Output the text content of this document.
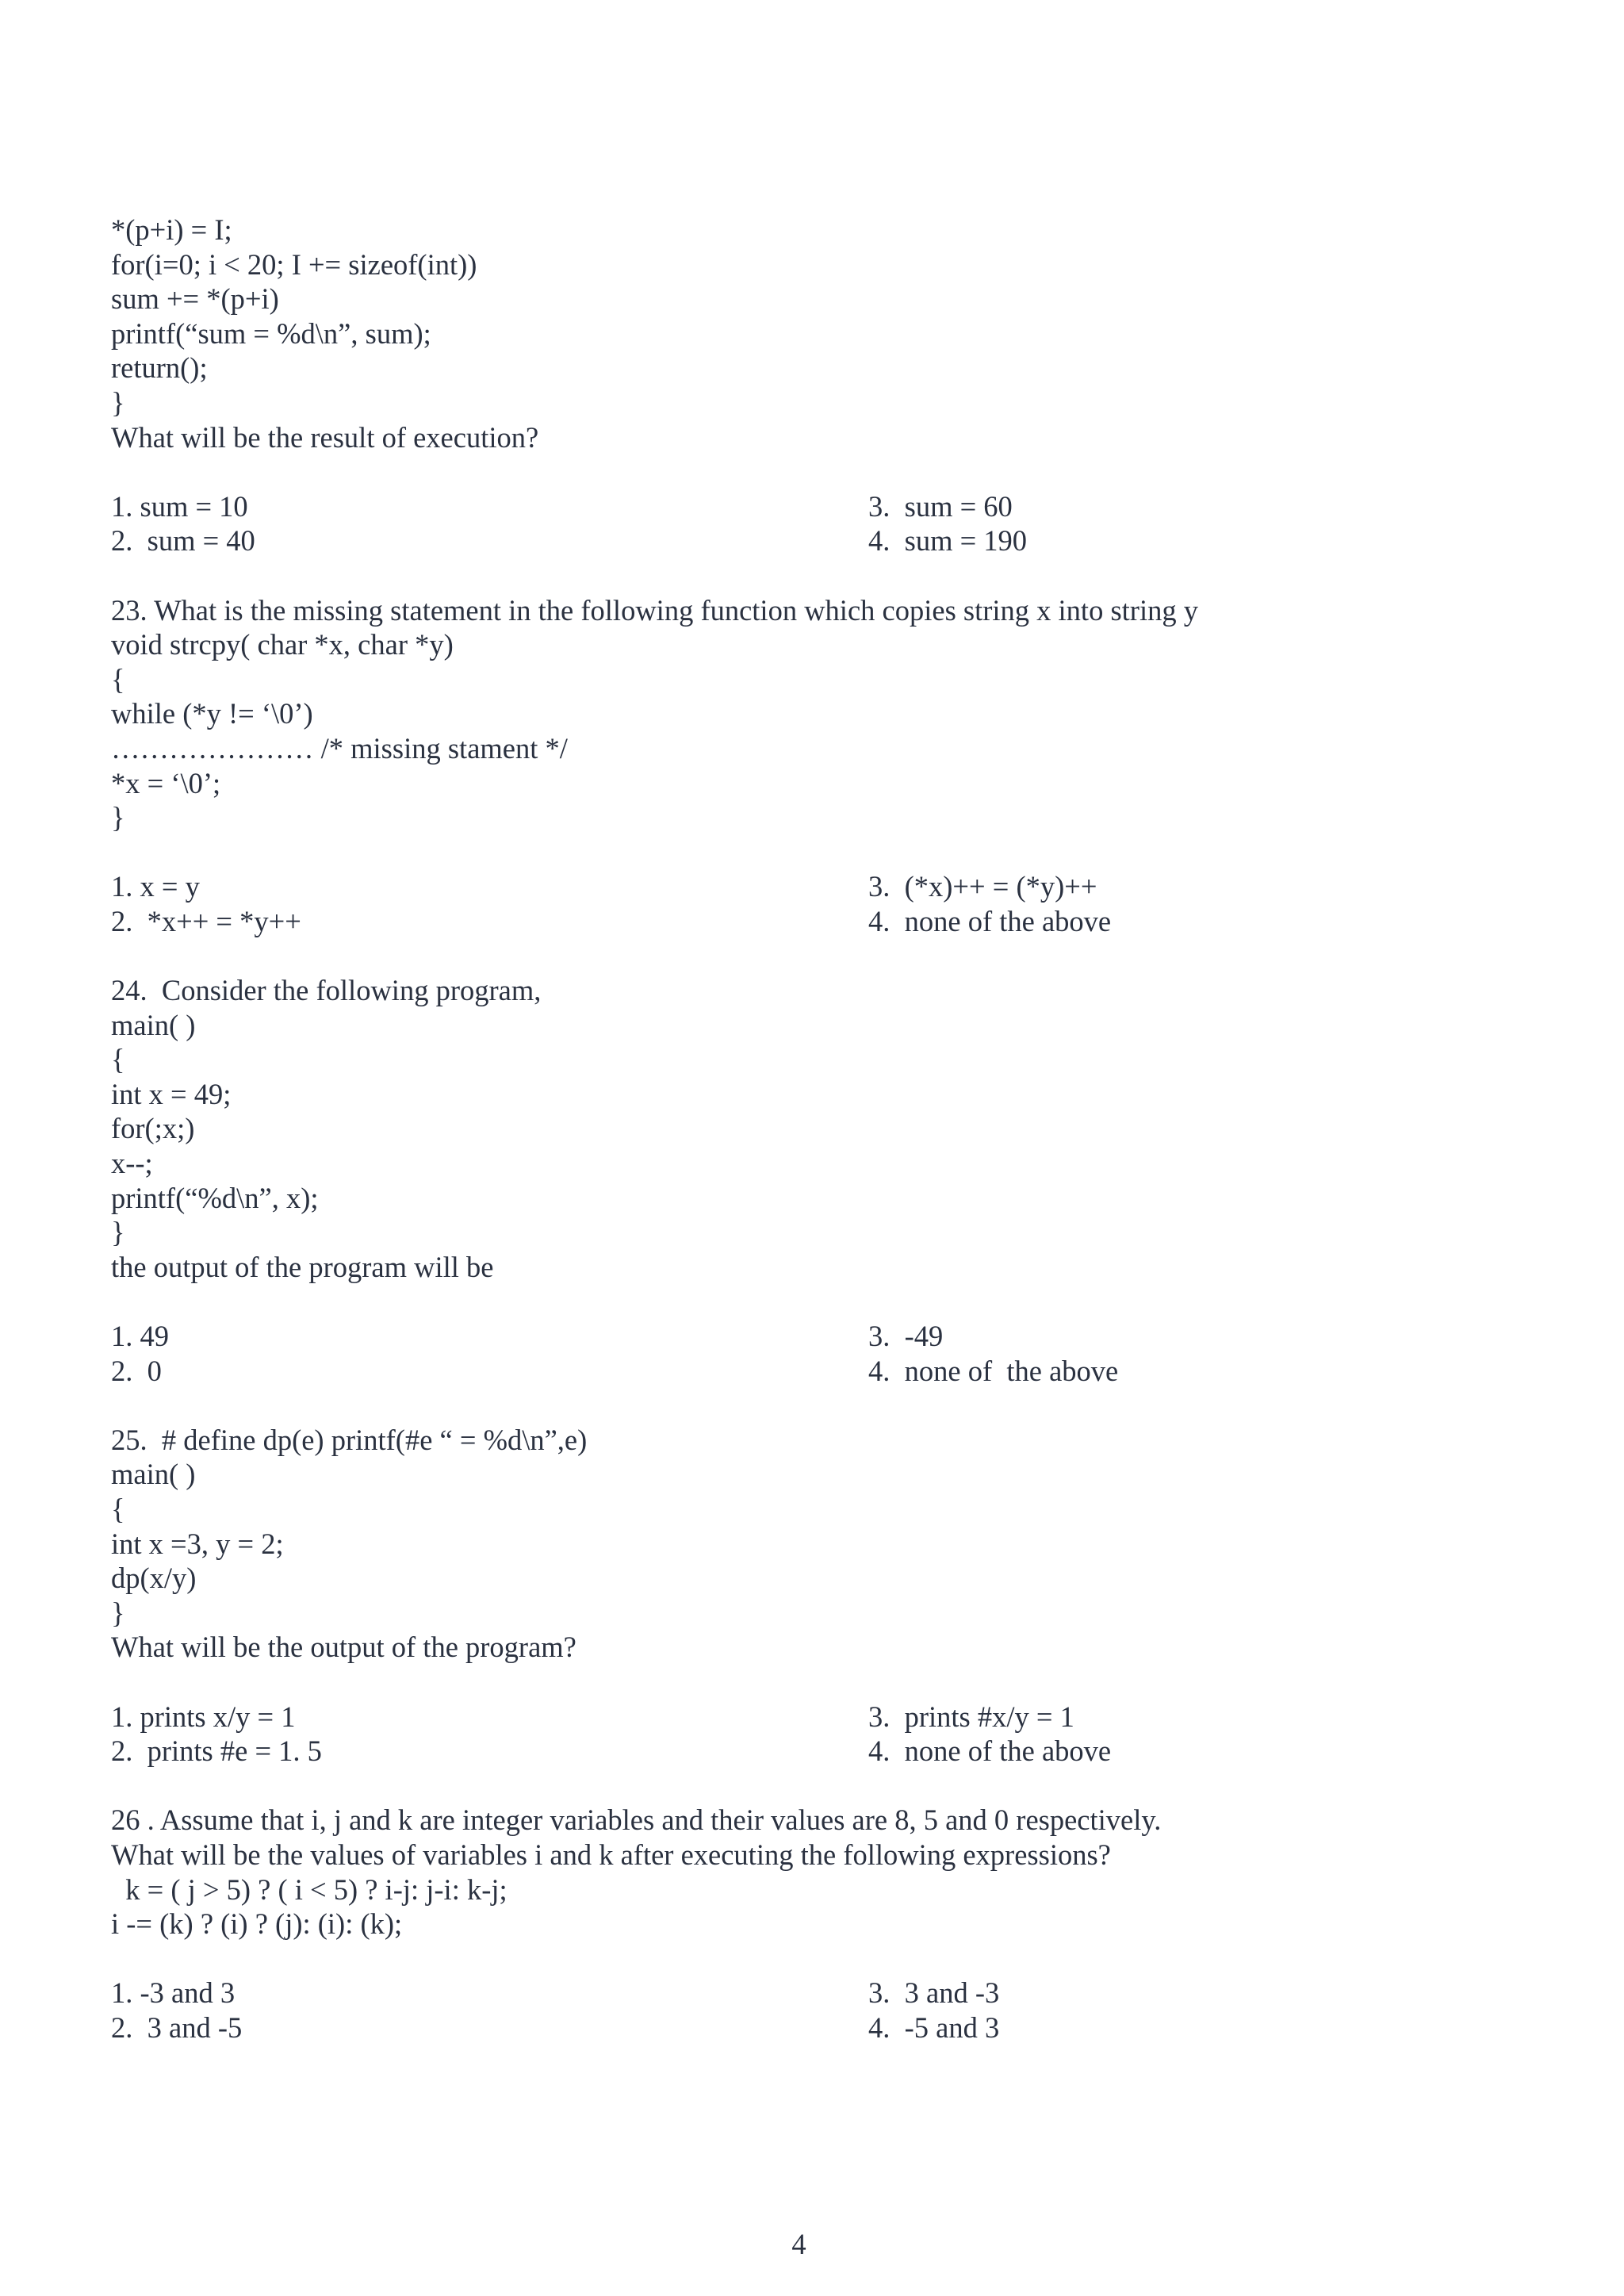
*(p+i) = I;
for(i=0; i < 20; I += sizeof(int))
sum += *(p+i)
printf(“sum = %d\n”, sum);
return();
}
What will be the result of execution?
1. sum = 10	3.  sum = 60
2.  sum = 40	4.  sum = 190
23. What is the missing statement in the following function which copies string x into string y
void strcpy( char *x, char *y)
{
while (*y != ‘\0’)
………………… /* missing stament */
*x = ‘\0’;
}
1. x = y	3.  (*x)++ = (*y)++
2.  *x++ = *y++	4.  none of the above
24.  Consider the following program,
main( )
{
int x = 49;
for(;x;)
x--;
printf(“%d\n”, x);
}
the output of the program will be
1. 49	3.  -49
2.  0	4.  none of  the above
25.  # define dp(e) printf(#e “ = %d\n”,e)
main( )
{
int x =3, y = 2;
dp(x/y)
}
What will be the output of the program?
1. prints x/y = 1	3.  prints #x/y = 1
2.  prints #e = 1. 5	4.  none of the above
26 . Assume that i, j and k are integer variables and their values are 8, 5 and 0 respectively.
What will be the values of variables i and k after executing the following expressions?
k = ( j > 5) ? ( i < 5) ? i-j: j-i: k-j;
i -= (k) ? (i) ? (j): (i): (k);
1. -3 and 3	3.  3 and -3
2.  3 and -5	4.  -5 and 3
4
